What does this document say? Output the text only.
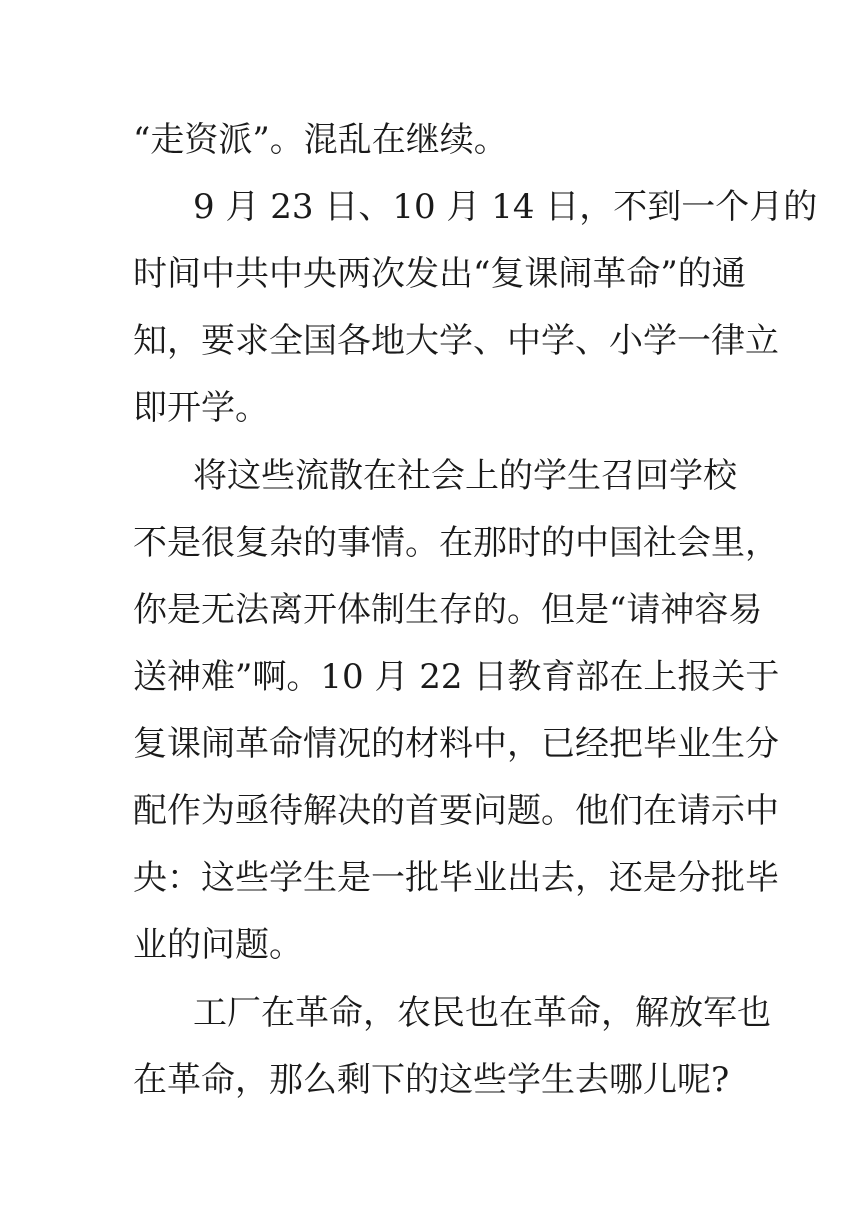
“走资派”。混乱在继续。
9 月 23 日、10 月 14 日，不到一个月的
时间中共中央两次发出“复课闹革命”的通
知，要求全国各地大学、中学、小学一律立
即开学。
将这些流散在社会上的学生召回学校
不是很复杂的事情。在那时的中国社会里，
你是无法离开体制生存的。但是“请神容易
送神难”啊。10 月 22 日教育部在上报关于
复课闹革命情况的材料中，已经把毕业生分
配作为亟待解决的首要问题。他们在请示中
央：这些学生是一批毕业出去，还是分批毕
业的问题。
工厂在革命，农民也在革命，解放军也
在革命，那么剩下的这些学生去哪儿呢?
